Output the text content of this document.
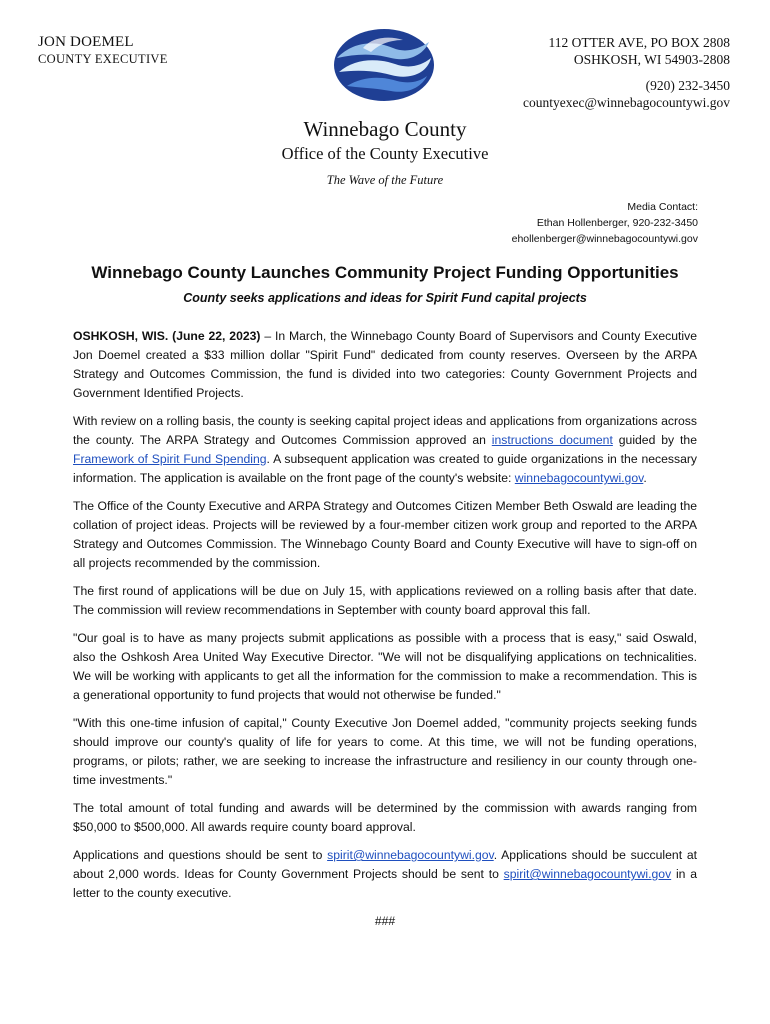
JON DOEMEL
COUNTY EXECUTIVE
112 OTTER AVE, PO BOX 2808
OSHKOSH, WI 54903-2808
(920) 232-3450
countyexec@winnebagocountywi.gov
Winnebago County
Office of the County Executive
The Wave of the Future
Media Contact:
Ethan Hollenberger, 920-232-3450
ehollenberger@winnebagocountywi.gov
Winnebago County Launches Community Project Funding Opportunities
County seeks applications and ideas for Spirit Fund capital projects

OSHKOSH, WIS. (June 22, 2023) – In March, the Winnebago County Board of Supervisors and County Executive Jon Doemel created a $33 million dollar "Spirit Fund" dedicated from county reserves. Overseen by the ARPA Strategy and Outcomes Commission, the fund is divided into two categories: County Government Projects and Government Identified Projects.

With review on a rolling basis, the county is seeking capital project ideas and applications from organizations across the county. The ARPA Strategy and Outcomes Commission approved an instructions document guided by the Framework of Spirit Fund Spending. A subsequent application was created to guide organizations in the necessary information. The application is available on the front page of the county's website: winnebagocountywi.gov.

The Office of the County Executive and ARPA Strategy and Outcomes Citizen Member Beth Oswald are leading the collation of project ideas. Projects will be reviewed by a four-member citizen work group and reported to the ARPA Strategy and Outcomes Commission. The Winnebago County Board and County Executive will have to sign-off on all projects recommended by the commission.

The first round of applications will be due on July 15, with applications reviewed on a rolling basis after that date. The commission will review recommendations in September with county board approval this fall.

"Our goal is to have as many projects submit applications as possible with a process that is easy," said Oswald, also the Oshkosh Area United Way Executive Director. "We will not be disqualifying applications on technicalities. We will be working with applicants to get all the information for the commission to make a recommendation. This is a generational opportunity to fund projects that would not otherwise be funded."

"With this one-time infusion of capital," County Executive Jon Doemel added, "community projects seeking funds should improve our county's quality of life for years to come. At this time, we will not be funding operations, programs, or pilots; rather, we are seeking to increase the infrastructure and resiliency in our county through one-time investments."

The total amount of total funding and awards will be determined by the commission with awards ranging from $50,000 to $500,000. All awards require county board approval.

Applications and questions should be sent to spirit@winnebagocountywi.gov. Applications should be succulent at about 2,000 words. Ideas for County Government Projects should be sent to spirit@winnebagocountywi.gov in a letter to the county executive.

###
